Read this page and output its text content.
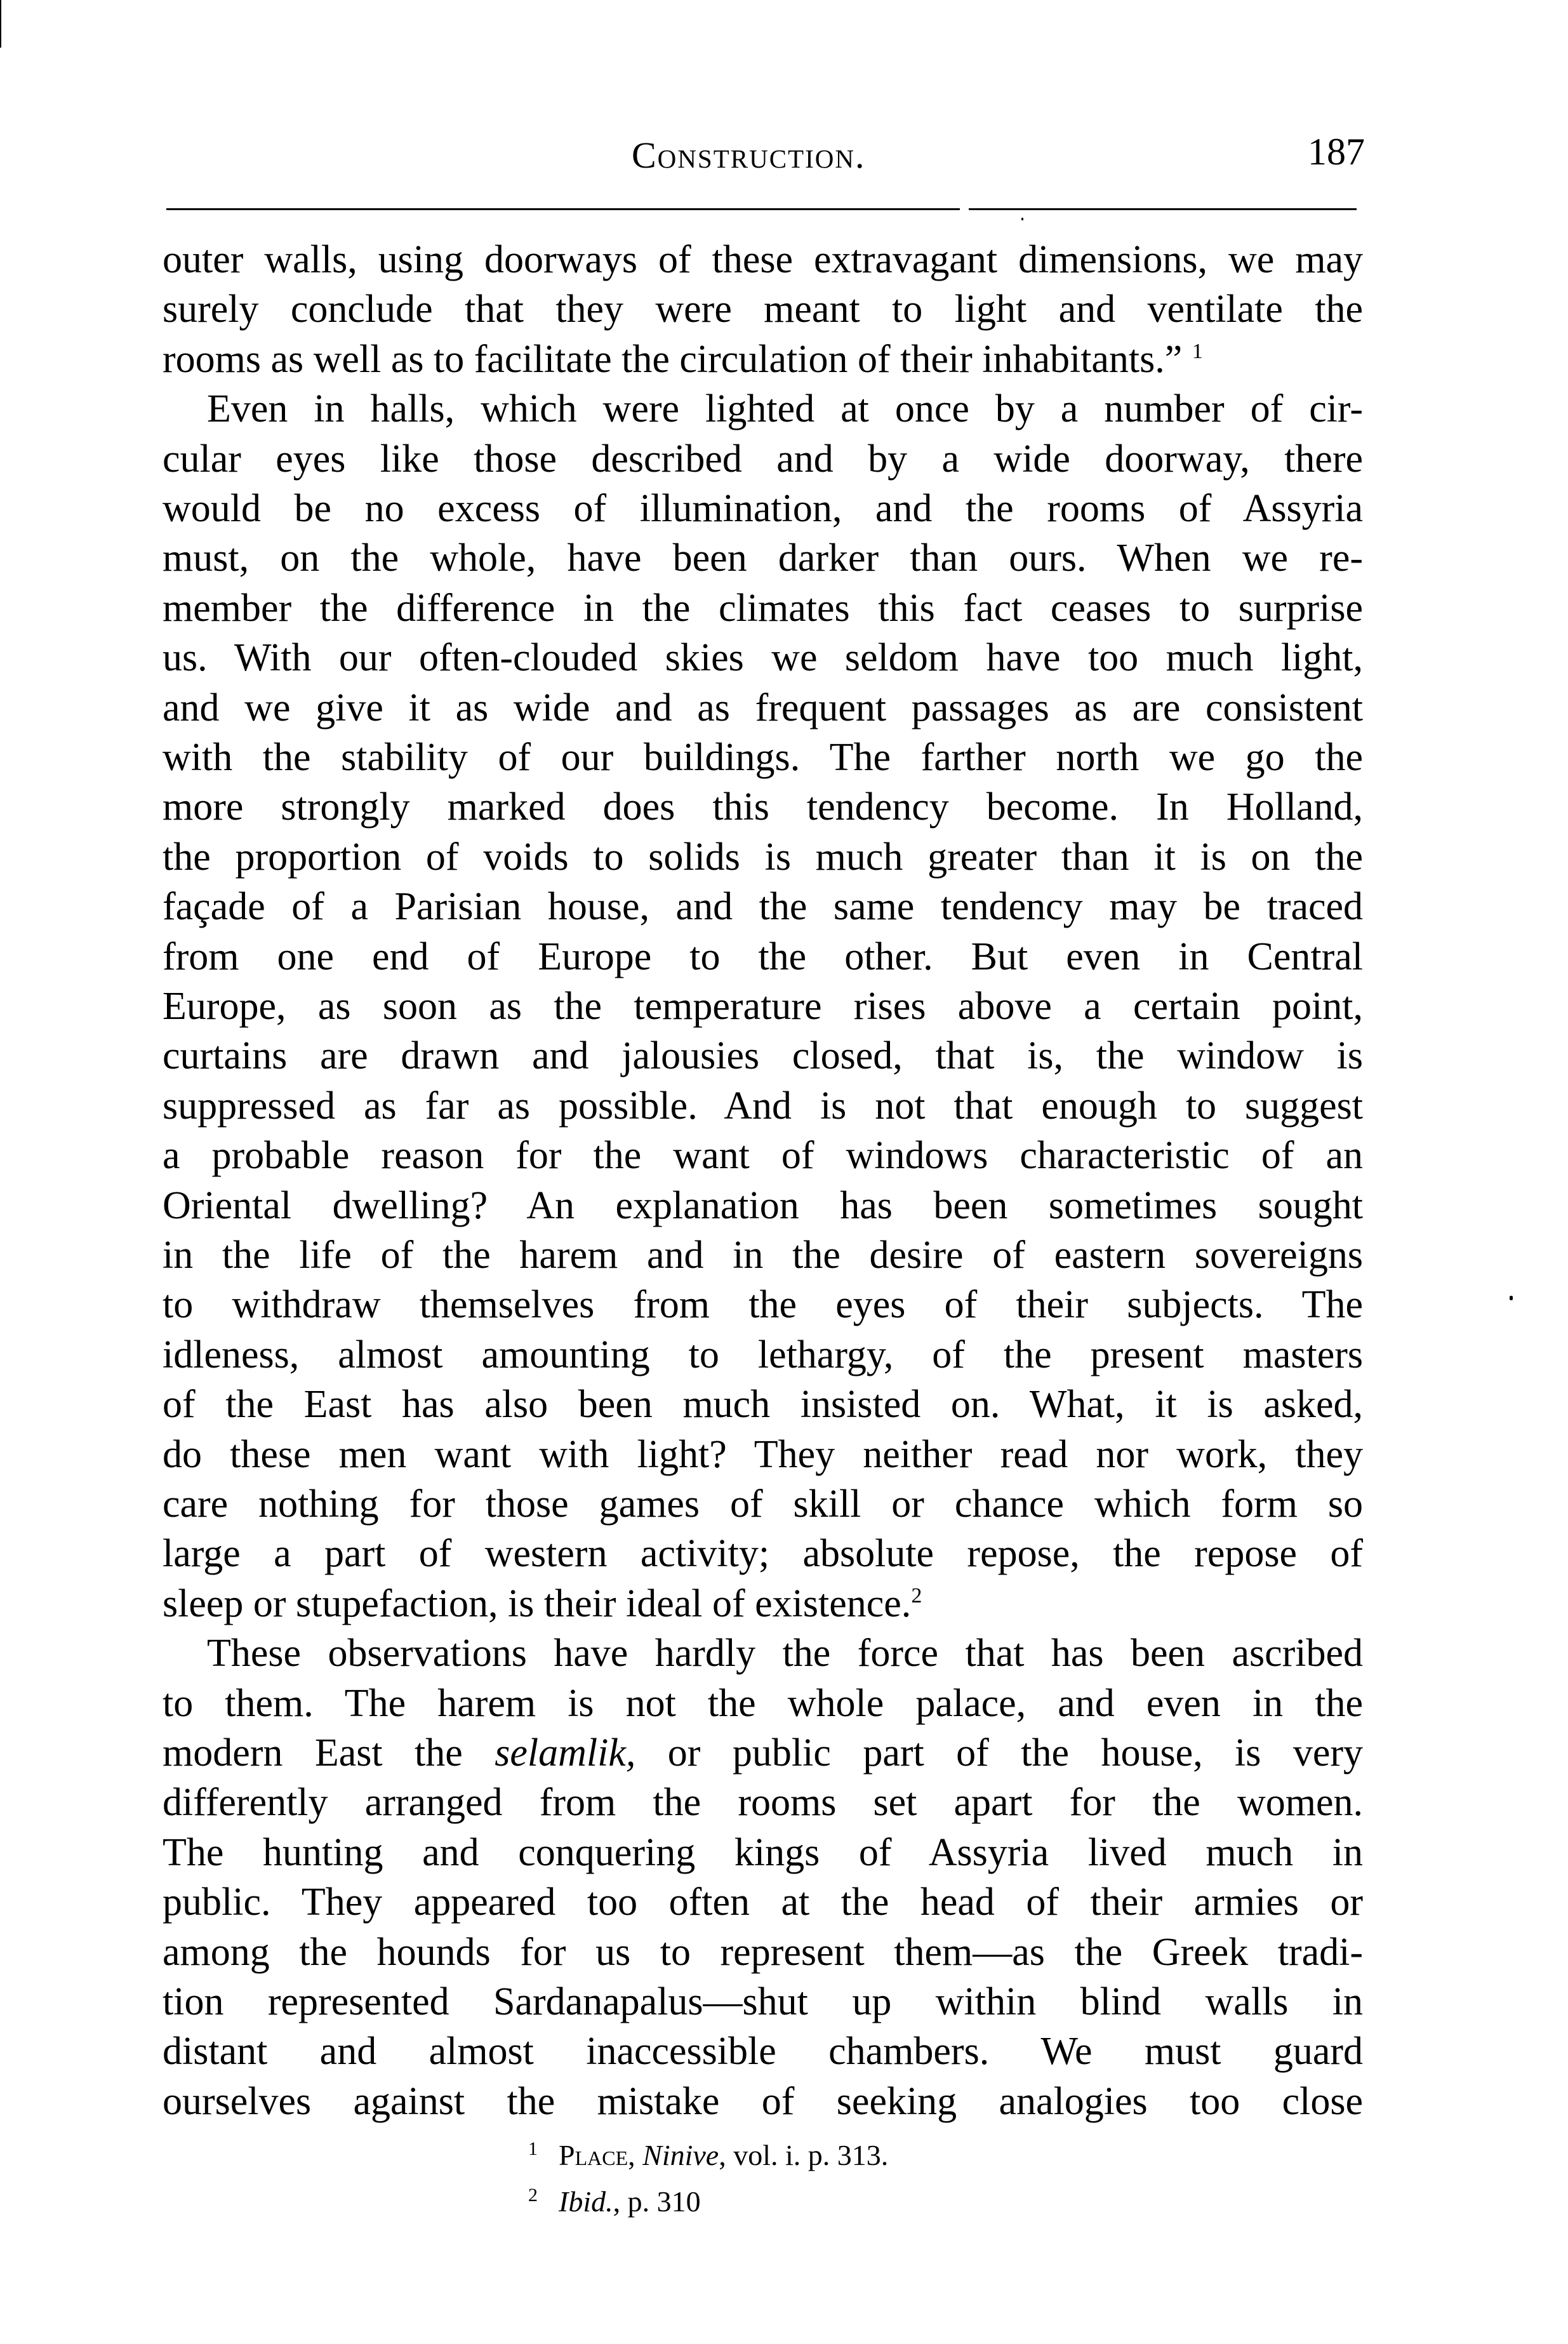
Construction.	187
outer walls, using doorways of these extravagant dimensions, we may
surely conclude that they were meant to light and ventilate the
rooms as well as to facilitate the circulation of their inhabitants.” $^1$
Even in halls, which were lighted at once by a number of cir-
cular eyes like those described and by a wide doorway, there
would be no excess of illumination, and the rooms of Assyria
must, on the whole, have been darker than ours. When we re-
member the difference in the climates this fact ceases to surprise
us. With our often-clouded skies we seldom have too much light,
and we give it as wide and as frequent passages as are consistent
with the stability of our buildings. The farther north we go the
more strongly marked does this tendency become. In Holland,
the proportion of voids to solids is much greater than it is on the
façade of a Parisian house, and the same tendency may be traced
from one end of Europe to the other. But even in Central
Europe, as soon as the temperature rises above a certain point,
curtains are drawn and jalousies closed, that is, the window is
suppressed as far as possible. And is not that enough to suggest
a probable reason for the want of windows characteristic of an
Oriental dwelling? An explanation has been sometimes sought
in the life of the harem and in the desire of eastern sovereigns
to withdraw themselves from the eyes of their subjects. The
idleness, almost amounting to lethargy, of the present masters
of the East has also been much insisted on. What, it is asked,
do these men want with light? They neither read nor work, they
care nothing for those games of skill or chance which form so
large a part of western activity; absolute repose, the repose of
sleep or stupefaction, is their ideal of existence.$^2$
These observations have hardly the force that has been ascribed
to them. The harem is not the whole palace, and even in the
modern East the selamlik, or public part of the house, is very
differently arranged from the rooms set apart for the women.
The hunting and conquering kings of Assyria lived much in
public. They appeared too often at the head of their armies or
among the hounds for us to represent them—as the Greek tradi-
tion represented Sardanapalus—shut up within blind walls in
distant and almost inaccessible chambers. We must guard
ourselves against the mistake of seeking analogies too close
1 Place, Ninive, vol. i. p. 313.
2 Ibid., p. 310
